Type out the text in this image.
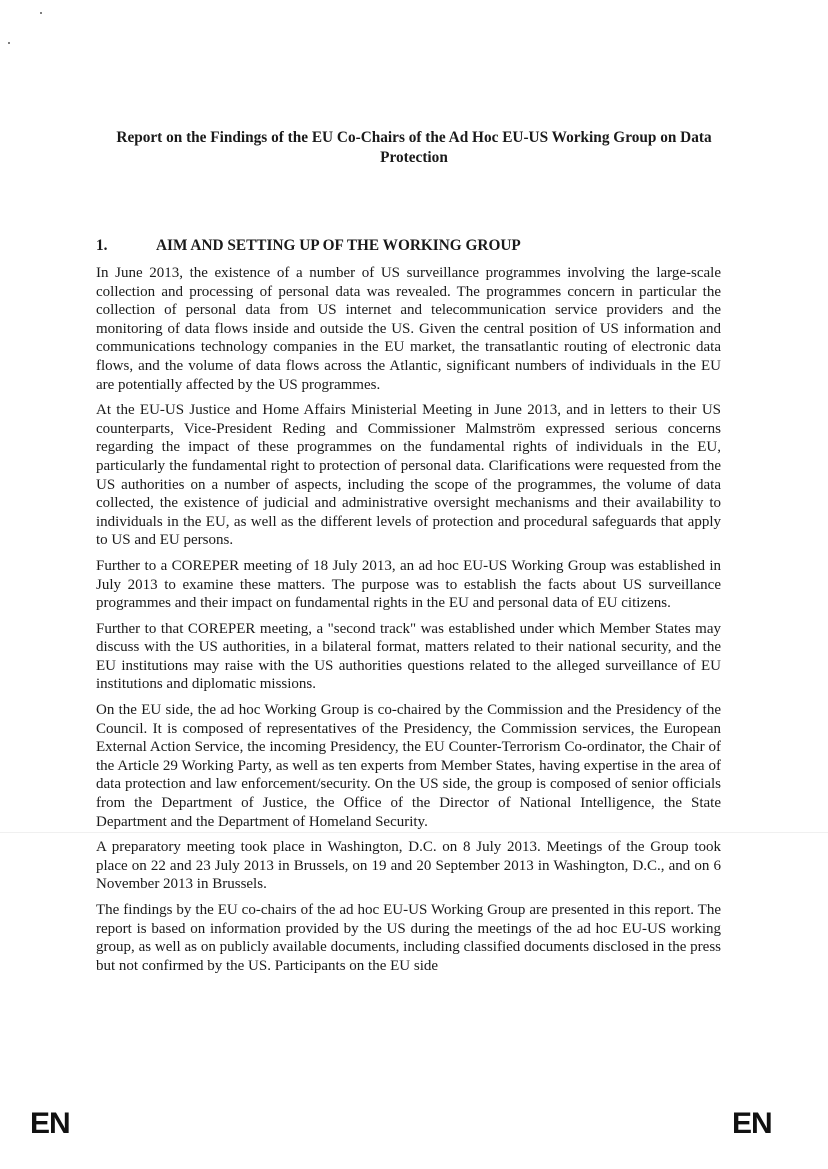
Report on the Findings of the EU Co-Chairs of the Ad Hoc EU-US Working Group on Data Protection
1.	AIM AND SETTING UP OF THE WORKING GROUP

In June 2013, the existence of a number of US surveillance programmes involving the large-scale collection and processing of personal data was revealed. The programmes concern in particular the collection of personal data from US internet and telecommunication service providers and the monitoring of data flows inside and outside the US. Given the central position of US information and communications technology companies in the EU market, the transatlantic routing of electronic data flows, and the volume of data flows across the Atlantic, significant numbers of individuals in the EU are potentially affected by the US programmes.

At the EU-US Justice and Home Affairs Ministerial Meeting in June 2013, and in letters to their US counterparts, Vice-President Reding and Commissioner Malmström expressed serious concerns regarding the impact of these programmes on the fundamental rights of individuals in the EU, particularly the fundamental right to protection of personal data. Clarifications were requested from the US authorities on a number of aspects, including the scope of the programmes, the volume of data collected, the existence of judicial and administrative oversight mechanisms and their availability to individuals in the EU, as well as the different levels of protection and procedural safeguards that apply to US and EU persons.

Further to a COREPER meeting of 18 July 2013, an ad hoc EU-US Working Group was established in July 2013 to examine these matters. The purpose was to establish the facts about US surveillance programmes and their impact on fundamental rights in the EU and personal data of EU citizens.

Further to that COREPER meeting, a "second track" was established under which Member States may discuss with the US authorities, in a bilateral format, matters related to their national security, and the EU institutions may raise with the US authorities questions related to the alleged surveillance of EU institutions and diplomatic missions.

On the EU side, the ad hoc Working Group is co-chaired by the Commission and the Presidency of the Council. It is composed of representatives of the Presidency, the Commission services, the European External Action Service, the incoming Presidency, the EU Counter-Terrorism Co-ordinator, the Chair of the Article 29 Working Party, as well as ten experts from Member States, having expertise in the area of data protection and law enforcement/security. On the US side, the group is composed of senior officials from the Department of Justice, the Office of the Director of National Intelligence, the State Department and the Department of Homeland Security.

A preparatory meeting took place in Washington, D.C. on 8 July 2013. Meetings of the Group took place on 22 and 23 July 2013 in Brussels, on 19 and 20 September 2013 in Washington, D.C., and on 6 November 2013 in Brussels.

The findings by the EU co-chairs of the ad hoc EU-US Working Group are presented in this report. The report is based on information provided by the US during the meetings of the ad hoc EU-US working group, as well as on publicly available documents, including classified documents disclosed in the press but not confirmed by the US. Participants on the EU side

EN	EN
